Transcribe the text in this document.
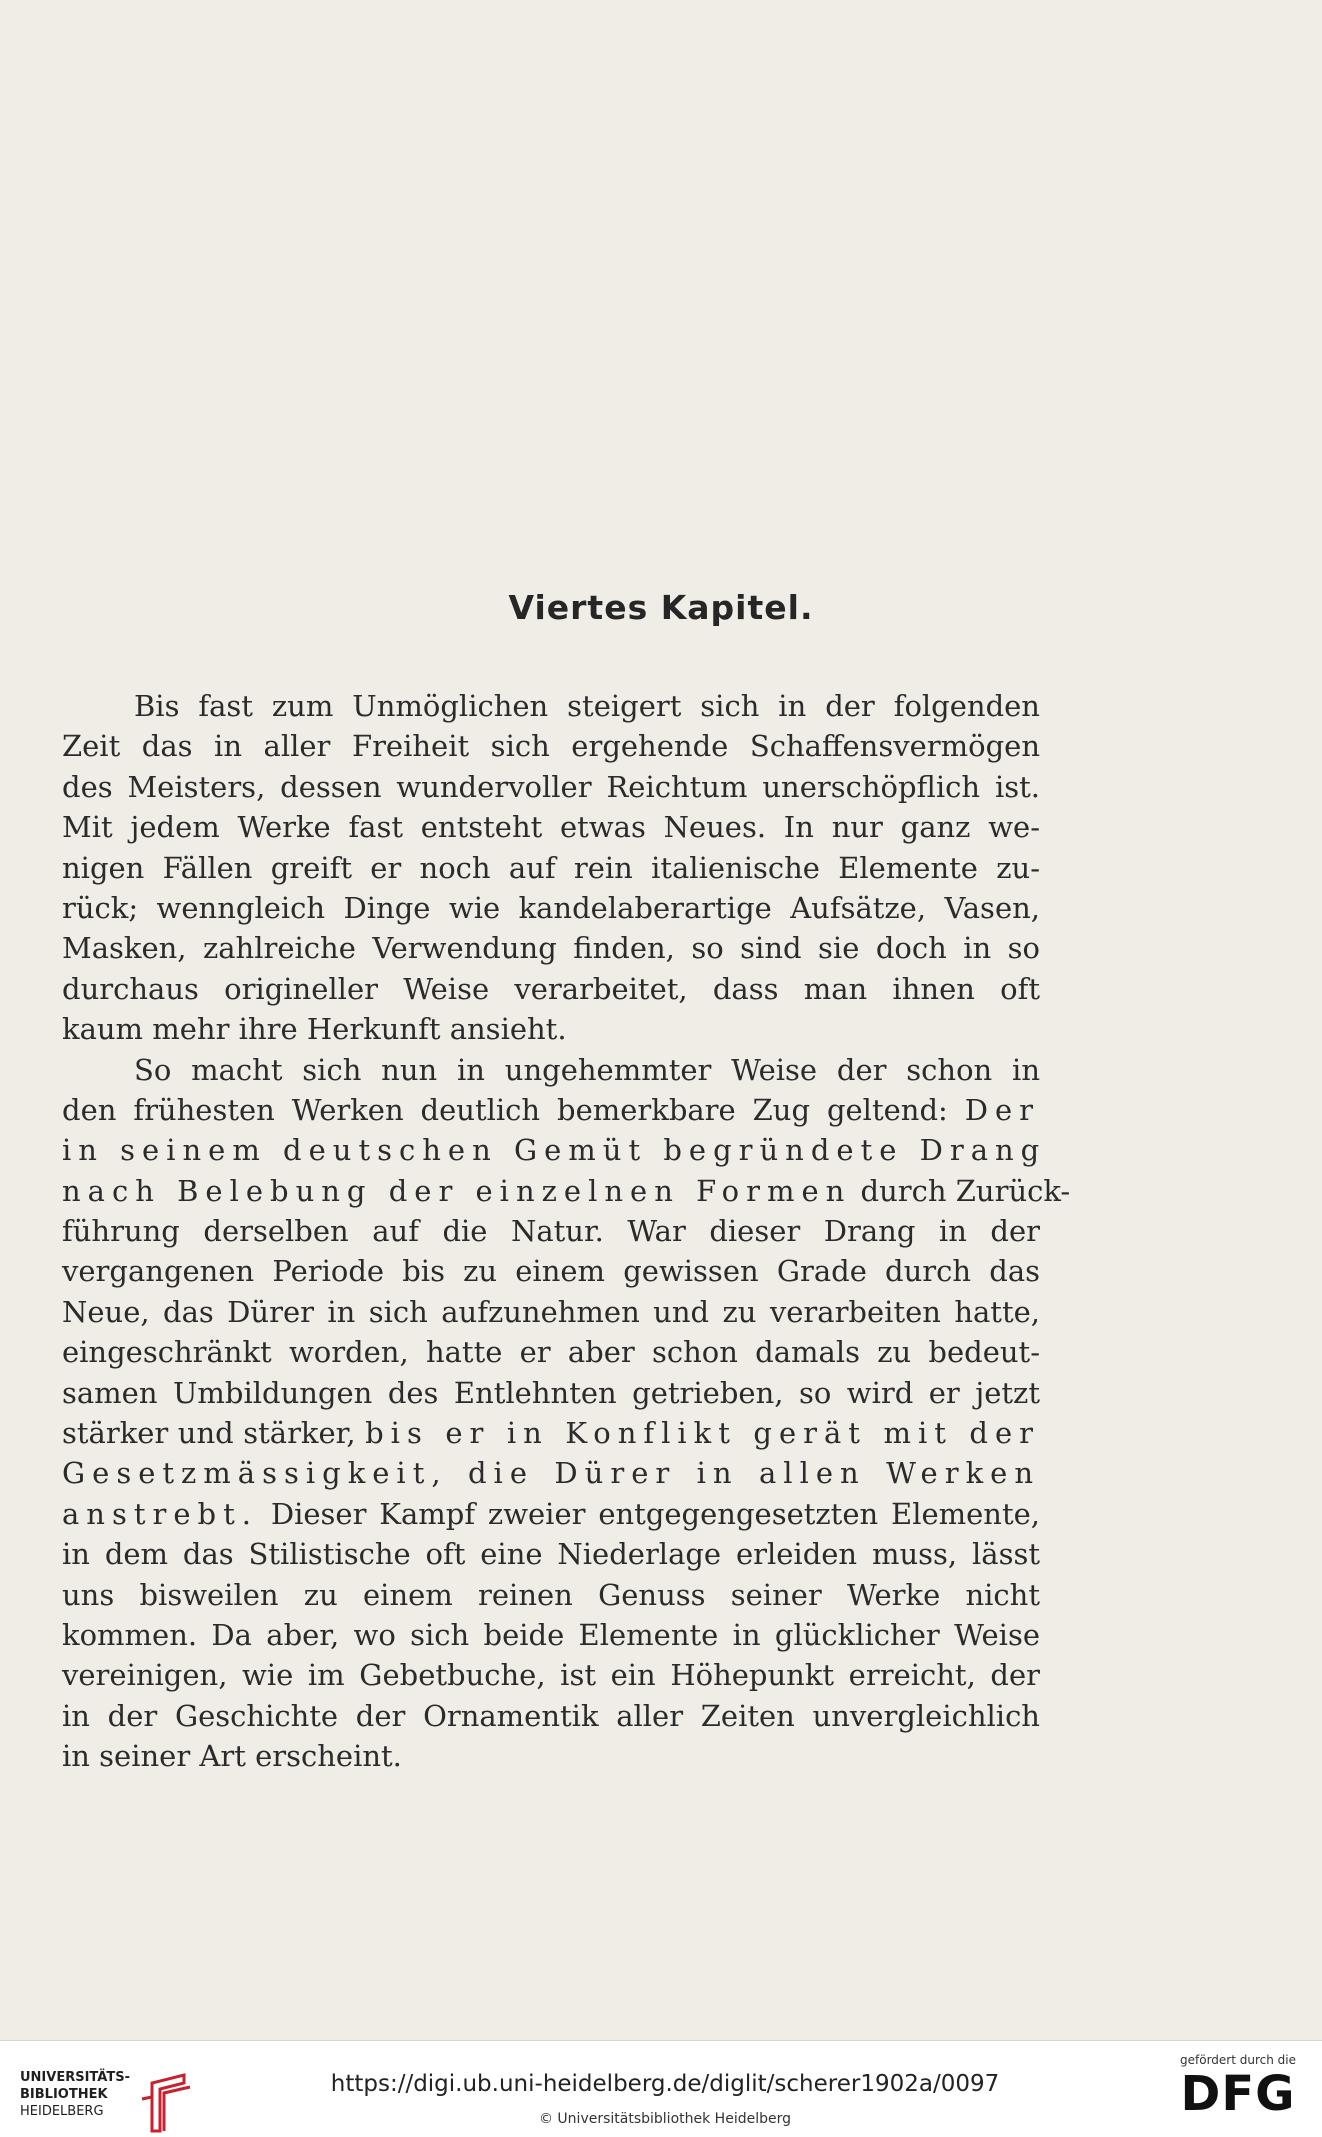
Viertes Kapitel.
Bis fast zum Unmöglichen steigert sich in der folgenden
Zeit das in aller Freiheit sich ergehende Schaffensvermögen
des Meisters, dessen wundervoller Reichtum unerschöpflich ist.
Mit jedem Werke fast entsteht etwas Neues. In nur ganz we-
nigen Fällen greift er noch auf rein italienische Elemente zu-
rück; wenngleich Dinge wie kandelaberartige Aufsätze, Vasen,
Masken, zahlreiche Verwendung finden, so sind sie doch in so
durchaus origineller Weise verarbeitet, dass man ihnen oft
kaum mehr ihre Herkunft ansieht.
So macht sich nun in ungehemmter Weise der schon in
den frühesten Werken deutlich bemerkbare Zug geltend: Der
in seinem deutschen Gemüt begründete Drang
nach Belebung der einzelnen Formen durch Zurück-
führung derselben auf die Natur. War dieser Drang in der
vergangenen Periode bis zu einem gewissen Grade durch das
Neue, das Dürer in sich aufzunehmen und zu verarbeiten hatte,
eingeschränkt worden, hatte er aber schon damals zu bedeut-
samen Umbildungen des Entlehnten getrieben, so wird er jetzt
stärker und stärker, bis er in Konflikt gerät mit der
Gesetzmässigkeit, die Dürer in allen Werken
anstrebt. Dieser Kampf zweier entgegengesetzten Elemente,
in dem das Stilistische oft eine Niederlage erleiden muss, lässt
uns bisweilen zu einem reinen Genuss seiner Werke nicht
kommen. Da aber, wo sich beide Elemente in glücklicher Weise
vereinigen, wie im Gebetbuche, ist ein Höhepunkt erreicht, der
in der Geschichte der Ornamentik aller Zeiten unvergleichlich
in seiner Art erscheint.
UNIVERSITÄTS-
BIBLIOTHEK
HEIDELBERG
https://digi.ub.uni-heidelberg.de/diglit/scherer1902a/0097
© Universitätsbibliothek Heidelberg
gefördert durch die
DFG
